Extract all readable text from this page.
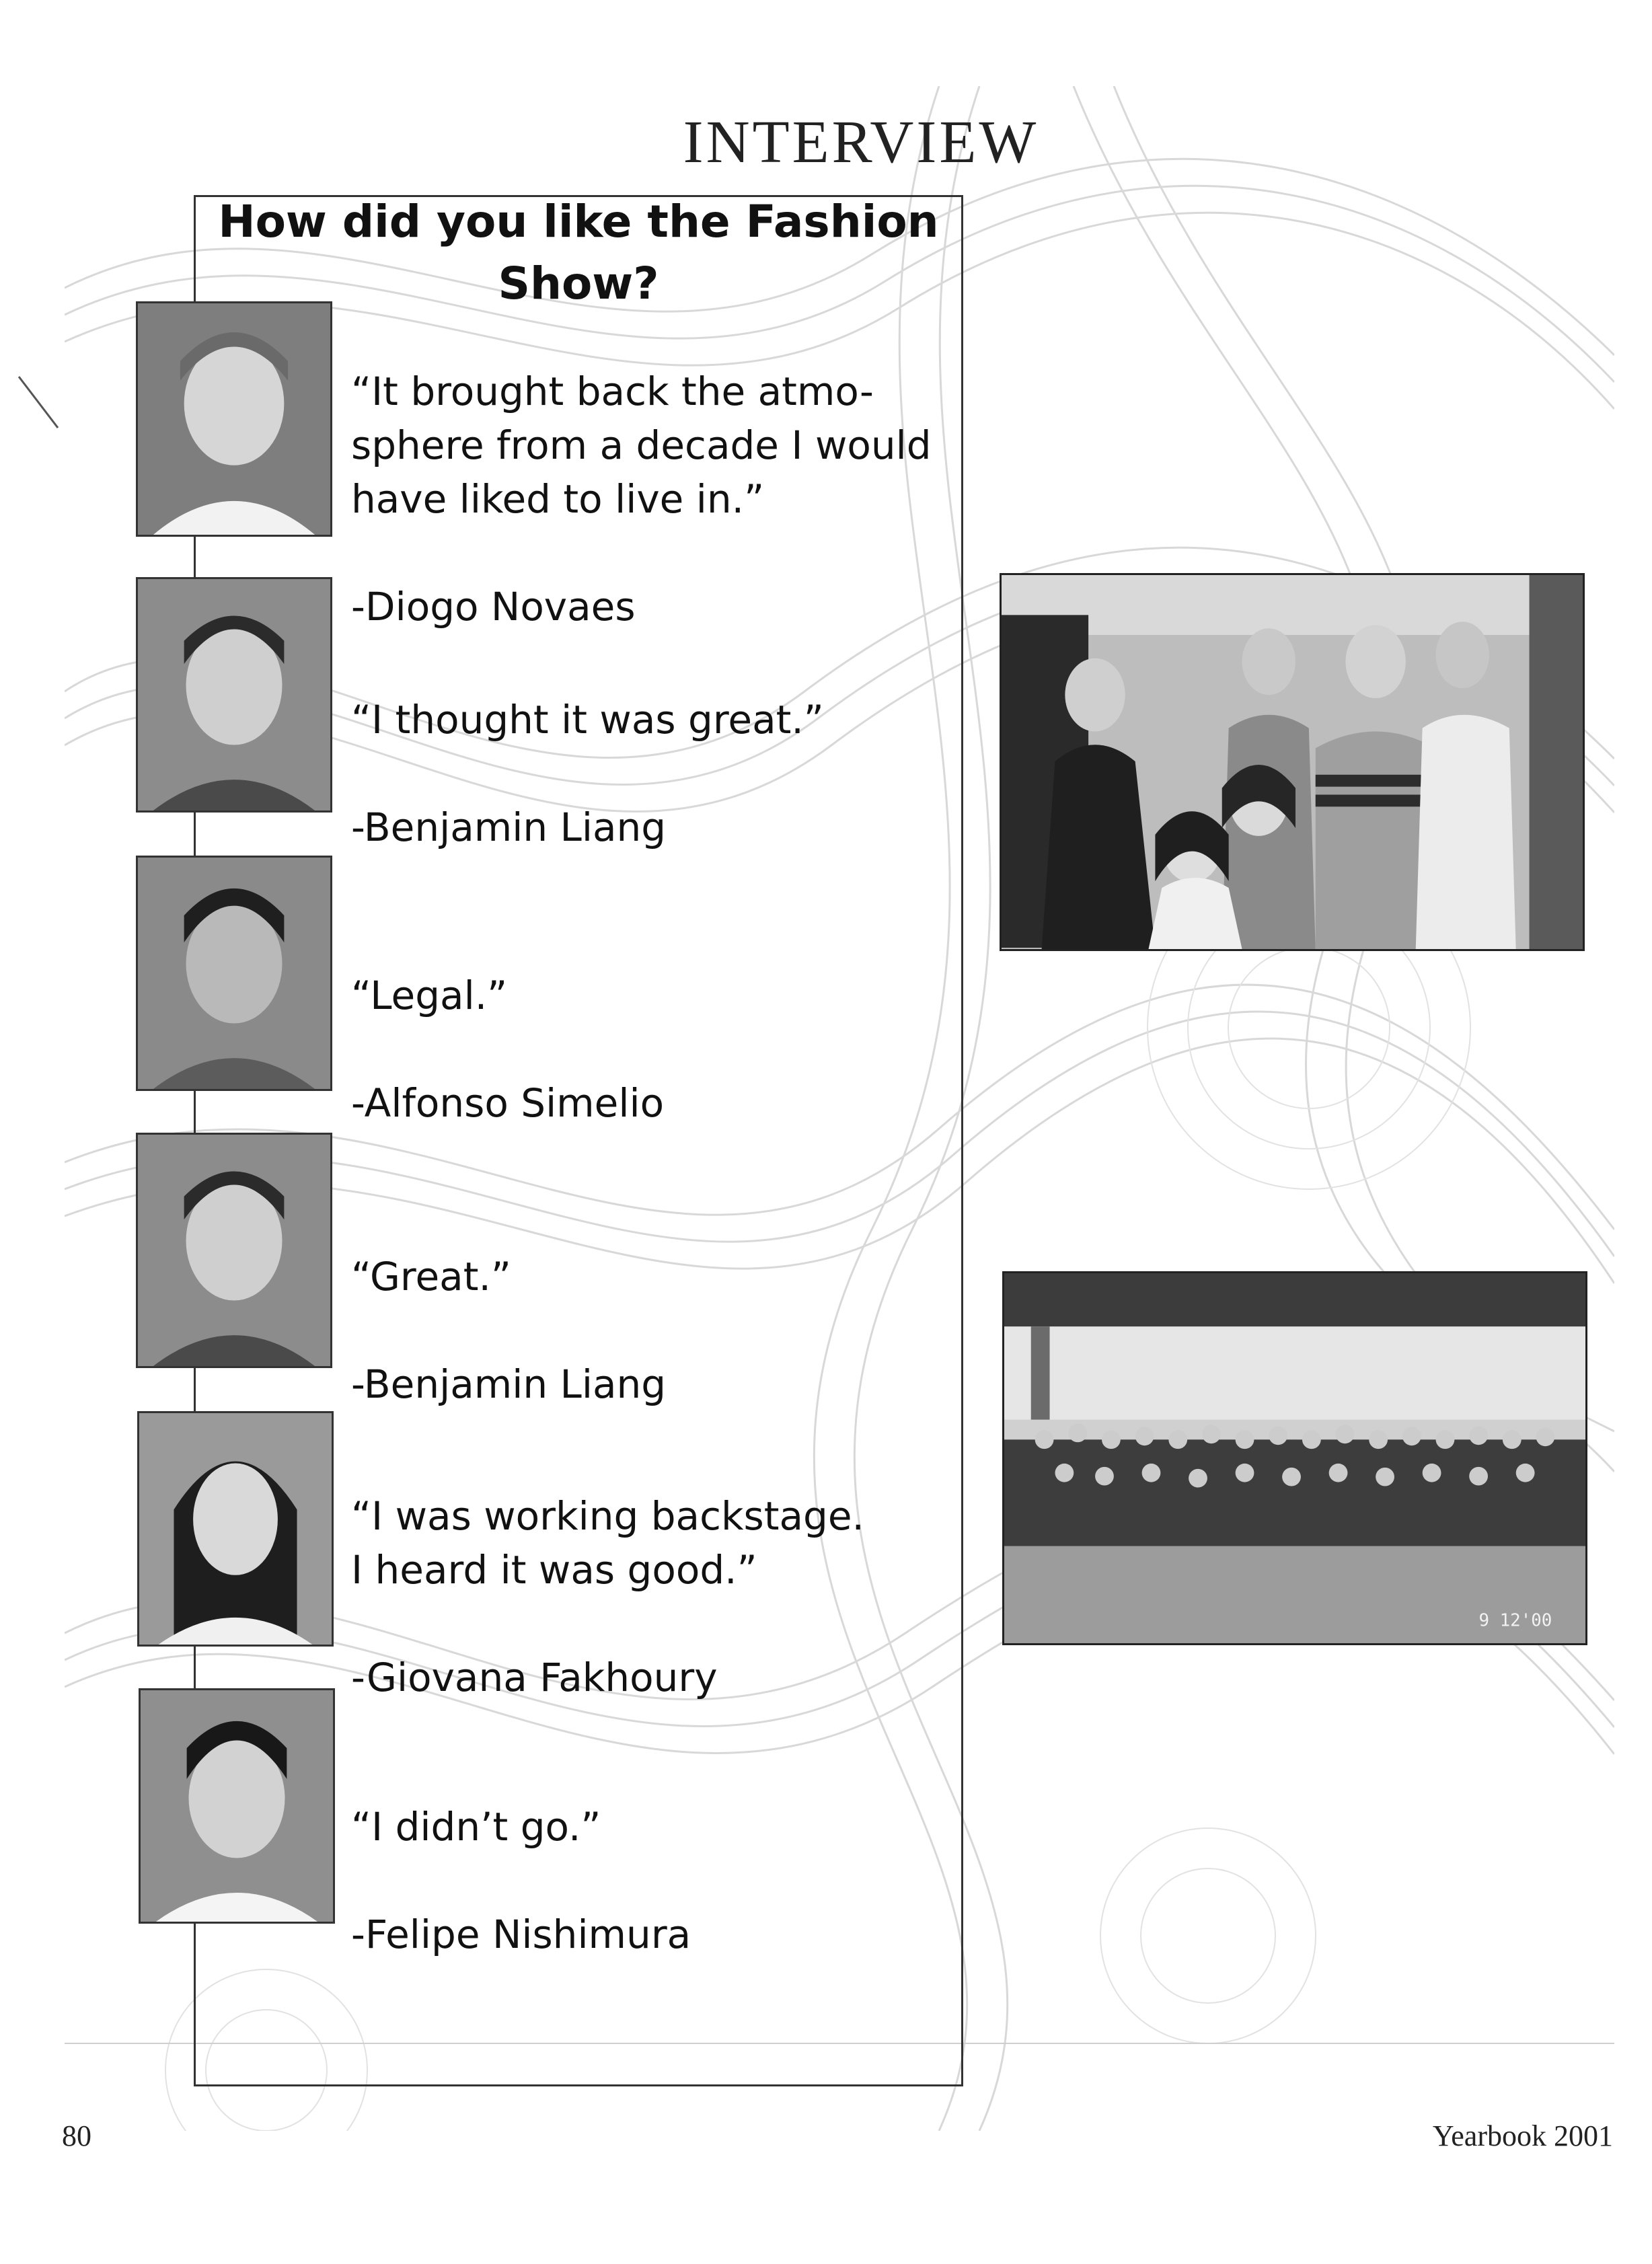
INTERVIEW
How did you like the Fashion Show?

“It brought back the atmo-
sphere from a decade I would
have liked to live in.”

-Diogo Novaes

“I thought it was great.”

-Benjamin Liang

“Legal.”

-Alfonso Simelio

“Great.”

-Benjamin Liang

“I was working backstage.
I heard it was good.”

-Giovana Fakhoury

“I didn’t go.”

-Felipe Nishimura

9 12'00
80	Yearbook 2001
